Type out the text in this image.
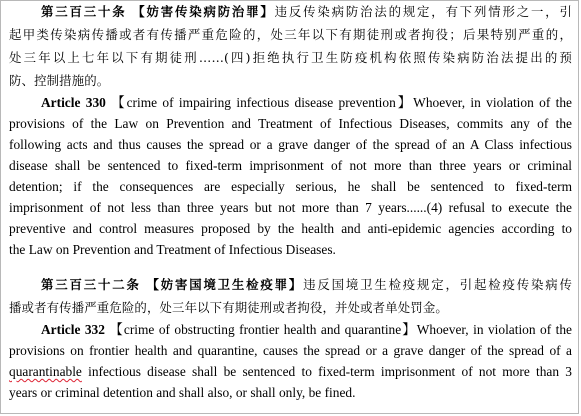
第三百三十条 【妨害传染病防治罪】违反传染病防治法的规定，有下列情形之一，引
起甲类传染病传播或者有传播严重危险的，处三年以下有期徒刑或者拘役；后果特别严重的，
处三年以上七年以下有期徒刑……(四)拒绝执行卫生防疫机构依照传染病防治法提出的预
防、控制措施的。
Article 330 【crime of impairing infectious disease prevention】Whoever, in violation of the
provisions of the Law on Prevention and Treatment of Infectious Diseases, commits any of the
following acts and thus causes the spread or a grave danger of the spread of an A Class infectious
disease shall be sentenced to fixed-term imprisonment of not more than three years or criminal
detention; if the consequences are especially serious, he shall be sentenced to fixed-term
imprisonment of not less than three years but not more than 7 years......(4) refusal to execute the
preventive and control measures proposed by the health and anti-epidemic agencies according to
the Law on Prevention and Treatment of Infectious Diseases.
第三百三十二条 【妨害国境卫生检疫罪】违反国境卫生检疫规定，引起检疫传染病传
播或者有传播严重危险的，处三年以下有期徒刑或者拘役，并处或者单处罚金。
Article 332 【crime of obstructing frontier health and quarantine】Whoever, in violation of the
provisions on frontier health and quarantine, causes the spread or a grave danger of the spread of a
quarantinable infectious disease shall be sentenced to fixed-term imprisonment of not more than 3
years or criminal detention and shall also, or shall only, be fined.
